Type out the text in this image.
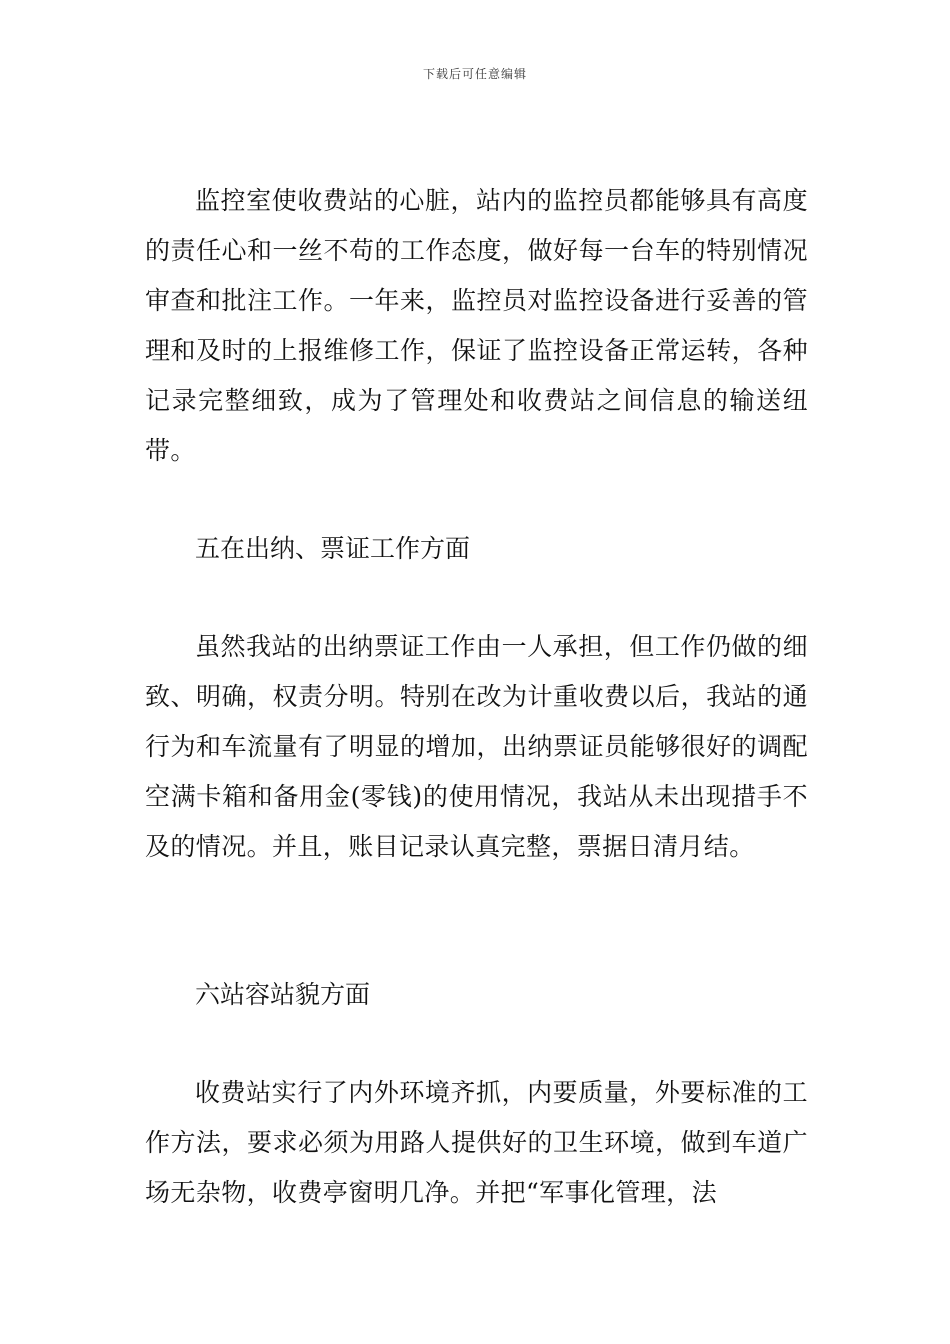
下载后可任意编辑

监控室使收费站的心脏，站内的监控员都能够具有高度的责任心和一丝不苟的工作态度，做好每一台车的特别情况审查和批注工作。一年来，监控员对监控设备进行妥善的管理和及时的上报维修工作，保证了监控设备正常运转，各种记录完整细致，成为了管理处和收费站之间信息的输送纽带。

五在出纳、票证工作方面

虽然我站的出纳票证工作由一人承担，但工作仍做的细致、明确，权责分明。特别在改为计重收费以后，我站的通行为和车流量有了明显的增加，出纳票证员能够很好的调配空满卡箱和备用金(零钱)的使用情况，我站从未出现措手不及的情况。并且，账目记录认真完整，票据日清月结。

六站容站貌方面

收费站实行了内外环境齐抓，内要质量，外要标准的工作方法，要求必须为用路人提供好的卫生环境，做到车道广场无杂物，收费亭窗明几净。并把“军事化管理，法
